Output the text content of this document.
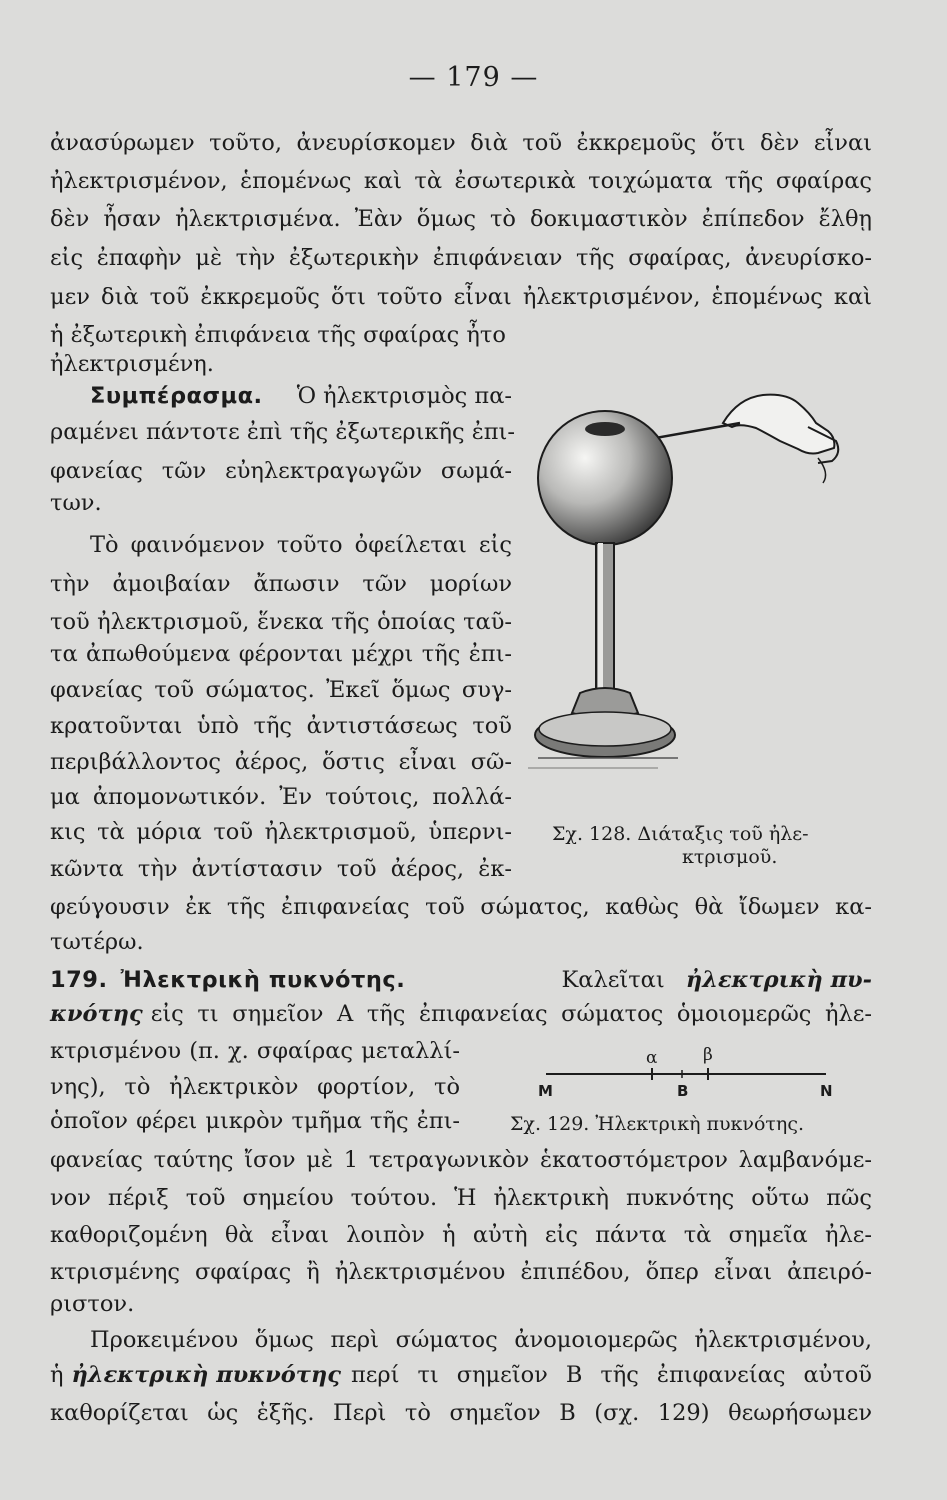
— 179 —
ἀνασύρωμεν τοῦτο, ἀνευρίσκομεν διὰ τοῦ ἐκκρεμοῦς ὅτι δὲν εἶναι
ἠλεκτρισμένον, ἑπομένως καὶ τὰ ἐσωτερικὰ τοιχώματα τῆς σφαίρας
δὲν ἦσαν ἠλεκτρισμένα. Ἐὰν ὅμως τὸ δοκιμαστικὸν ἐπίπεδον ἔλθῃ
εἰς ἐπαφὴν μὲ τὴν ἐξωτερικὴν ἐπιφάνειαν τῆς σφαίρας, ἀνευρίσκο-
μεν διὰ τοῦ ἐκκρεμοῦς ὅτι τοῦτο εἶναι ἠλεκτρισμένον, ἑπομένως καὶ
ἡ ἐξωτερικὴ ἐπιφάνεια τῆς σφαίρας ἦτο
ἠλεκτρισμένη.
Συμπέρασμα. Ὁ ἠλεκτρισμὸς πα-
ραμένει πάντοτε ἐπὶ τῆς ἐξωτερικῆς ἐπι-
φανείας τῶν εὐηλεκτραγωγῶν σωμά-
των.
Τὸ φαινόμενον τοῦτο ὀφείλεται εἰς
τὴν ἀμοιβαίαν ἄπωσιν τῶν μορίων
τοῦ ἠλεκτρισμοῦ, ἕνεκα τῆς ὁποίας ταῦ-
τα ἀπωθούμενα φέρονται μέχρι τῆς ἐπι-
φανείας τοῦ σώματος. Ἐκεῖ ὅμως συγ-
κρατοῦνται ὑπὸ τῆς ἀντιστάσεως τοῦ
περιβάλλοντος ἀέρος, ὅστις εἶναι σῶ-
μα ἀπομονωτικόν. Ἐν τούτοις, πολλά-
κις τὰ μόρια τοῦ ἠλεκτρισμοῦ, ὑπερνι-
κῶντα τὴν ἀντίστασιν τοῦ ἀέρος, ἐκ-
φεύγουσιν ἐκ τῆς ἐπιφανείας τοῦ σώματος, καθὼς θὰ ἴδωμεν κα-
τωτέρω.
Σχ. 128. Διάταξις τοῦ ἠλε-
κτρισμοῦ.
179. Ἠλεκτρικὴ πυκνότης.	Καλεῖται ἠλεκτρικὴ πυ-
κνότης εἰς τι σημεῖον Α τῆς ἐπιφανείας σώματος ὁμοιομερῶς ἠλε-
κτρισμένου (π. χ. σφαίρας μεταλλί-
νης), τὸ ἠλεκτρικὸν φορτίον, τὸ
ὁποῖον φέρει μικρὸν τμῆμα τῆς ἐπι-
α	β
M	B	N
Σχ. 129. Ἠλεκτρικὴ πυκνότης.
φανείας ταύτης ἴσον μὲ 1 τετραγωνικὸν ἑκατοστόμετρον λαμβανόμε-
νον πέριξ τοῦ σημείου τούτου. Ἡ ἠλεκτρικὴ πυκνότης οὕτω πῶς
καθοριζομένη θὰ εἶναι λοιπὸν ἡ αὐτὴ εἰς πάντα τὰ σημεῖα ἠλε-
κτρισμένης σφαίρας ἢ ἠλεκτρισμένου ἐπιπέδου, ὅπερ εἶναι ἀπειρό-
ριστον.
Προκειμένου ὅμως περὶ σώματος ἀνομοιομερῶς ἠλεκτρισμένου,
ἡ ἠλεκτρικὴ πυκνότης περί τι σημεῖον Β τῆς ἐπιφανείας αὐτοῦ
καθορίζεται ὡς ἑξῆς. Περὶ τὸ σημεῖον Β (σχ. 129) θεωρήσωμεν
